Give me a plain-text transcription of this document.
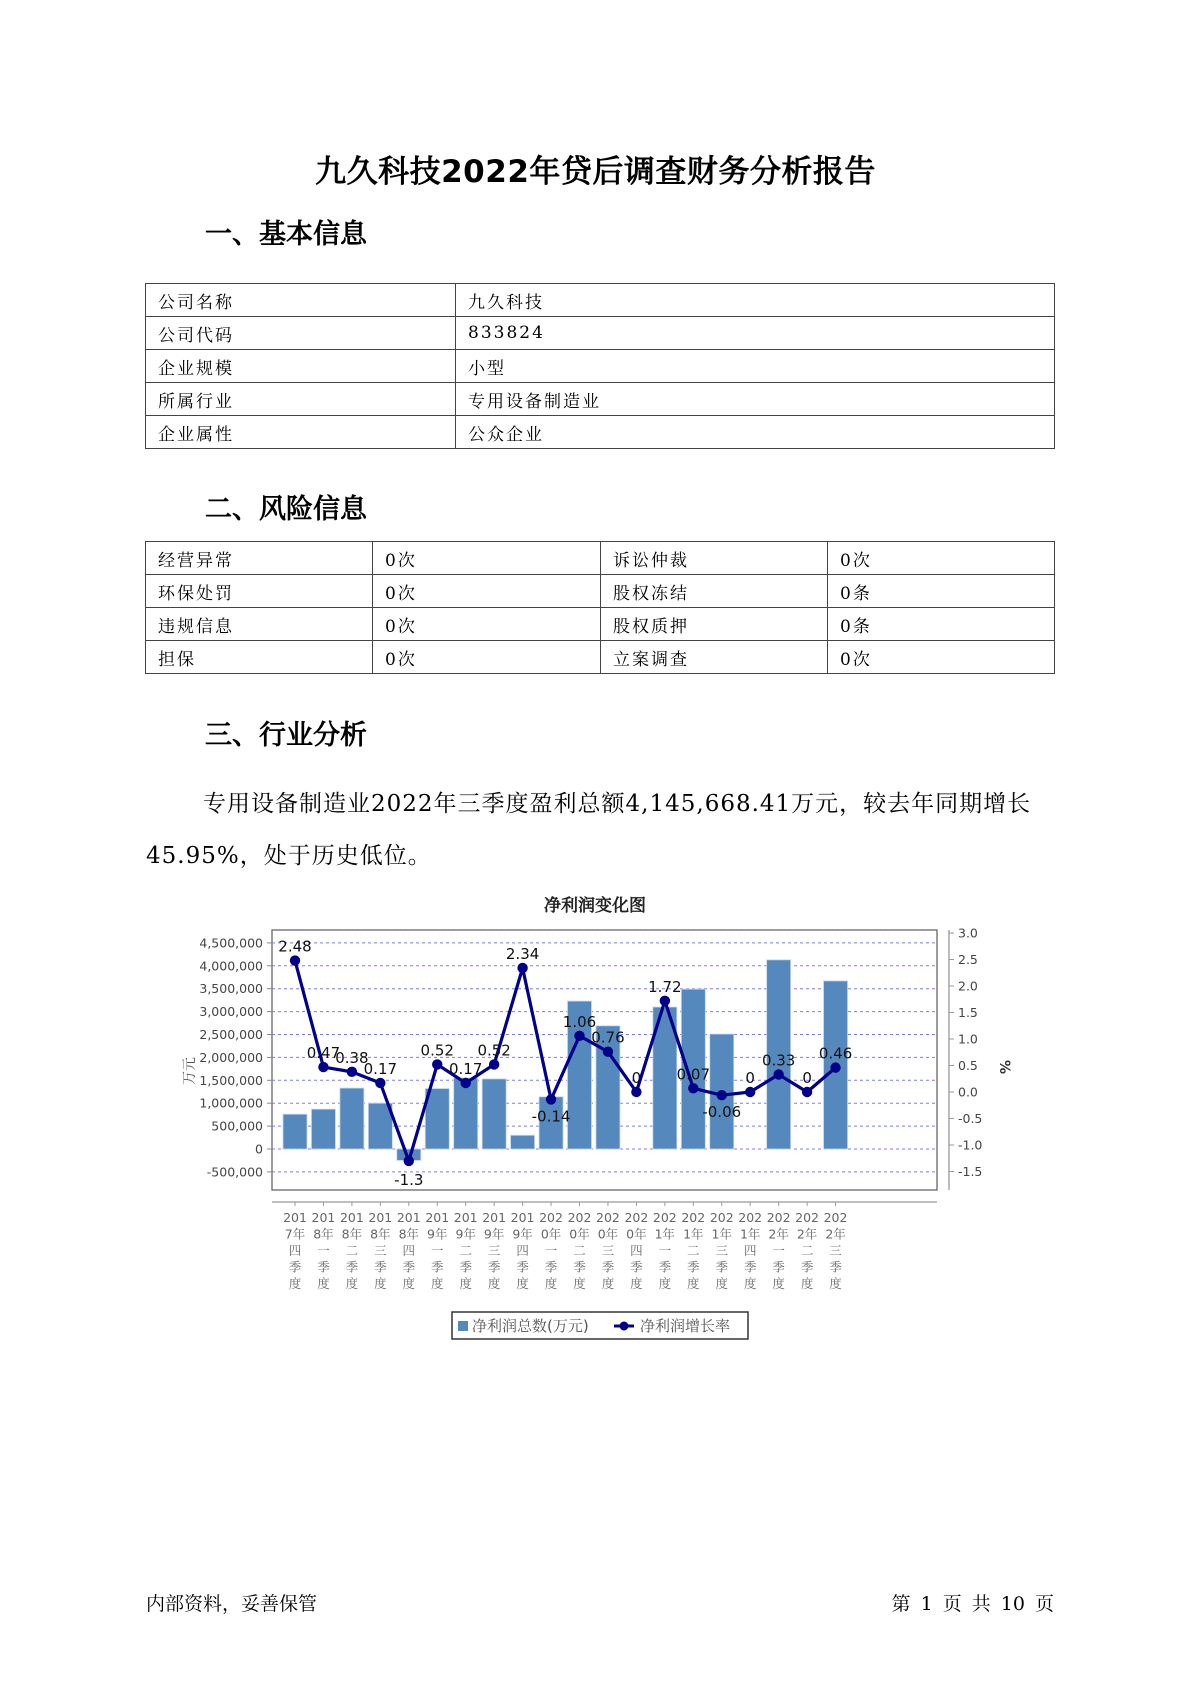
九久科技2022年贷后调查财务分析报告
一、基本信息
公司名称	九久科技
公司代码	833824
企业规模	小型
所属行业	专用设备制造业
企业属性	公众企业
二、风险信息
经营异常	0次	诉讼仲裁	0次
环保处罚	0次	股权冻结	0条
违规信息	0次	股权质押	0条
担保	0次	立案调查	0次
三、行业分析
专用设备制造业2022年三季度盈利总额4,145,668.41万元，较去年同期增长45.95%，处于历史低位。
净利润变化图
2.48
0.47
0.38
0.17
-1.3
0.52
0.17
0.52
2.34
-0.14
1.06
0.76
0
1.72
0.07
-0.06
0
0.33
0
0.46
4,500,000
4,000,000
3,500,000
3,000,000
2,500,000
2,000,000
1,500,000
1,000,000
500,000
0
-500,000
3.0
2.5
2.0
1.5
1.0
0.5
0.0
-0.5
-1.0
-1.5
201
7年
四
季
度
201
8年
一
季
度
201
8年
二
季
度
201
8年
三
季
度
201
8年
四
季
度
201
9年
一
季
度
201
9年
二
季
度
201
9年
三
季
度
201
9年
四
季
度
202
0年
一
季
度
202
0年
二
季
度
202
0年
三
季
度
202
0年
四
季
度
202
1年
一
季
度
202
1年
二
季
度
202
1年
三
季
度
202
1年
四
季
度
202
2年
一
季
度
202
2年
二
季
度
202
2年
三
季
度
万元	%
净利润总数(万元)	净利润增长率
内部资料，妥善保管	第 1 页 共 10 页
